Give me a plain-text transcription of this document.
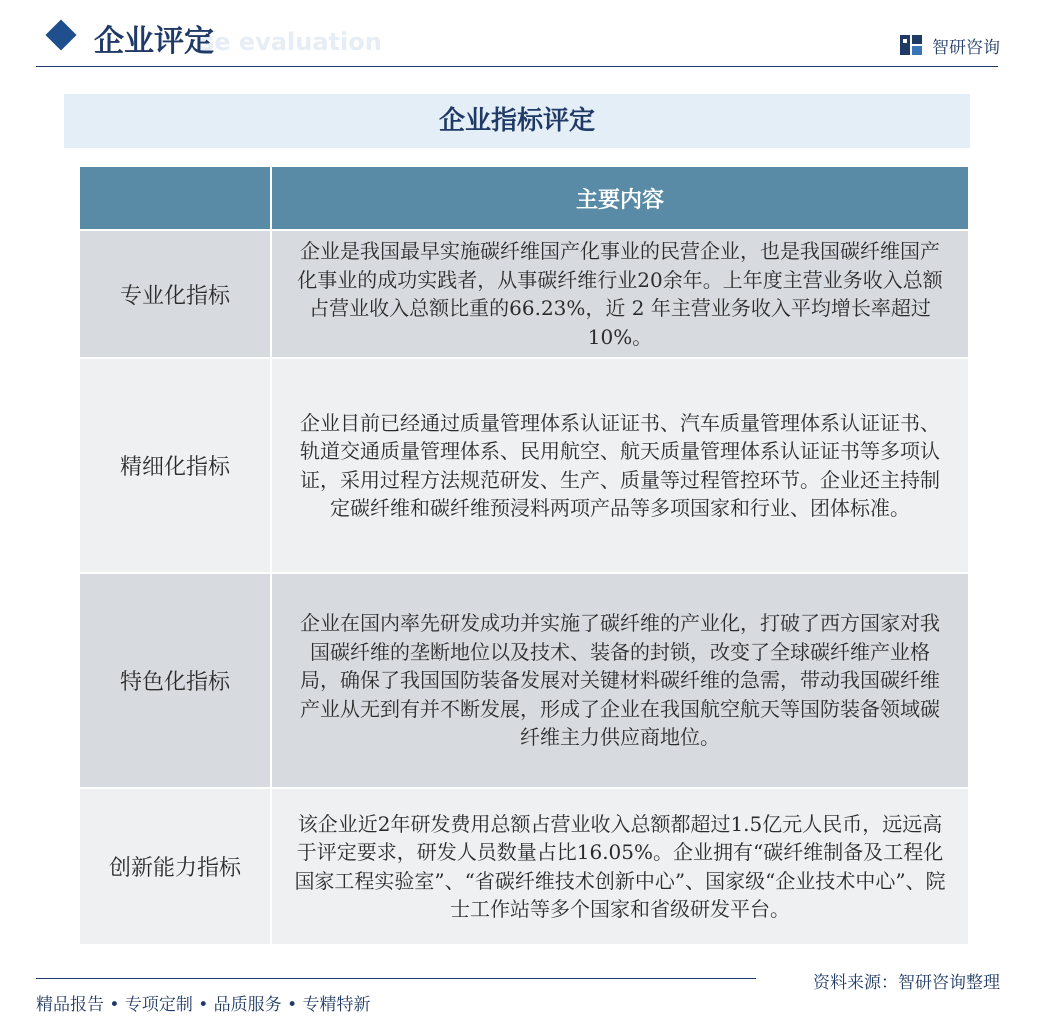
se evaluation
企业评定	智研咨询
企业指标评定
	主要内容
专业化指标	企业是我国最早实施碳纤维国产化事业的民营企业，也是我国碳纤维国产化事业的成功实践者，从事碳纤维行业20余年。上年度主营业务收入总额占营业收入总额比重的66.23%，近 2 年主营业务收入平均增长率超过10%。
精细化指标	企业目前已经通过质量管理体系认证证书、汽车质量管理体系认证证书、轨道交通质量管理体系、民用航空、航天质量管理体系认证证书等多项认证，采用过程方法规范研发、生产、质量等过程管控环节。企业还主持制定碳纤维和碳纤维预浸料两项产品等多项国家和行业、团体标准。
特色化指标	企业在国内率先研发成功并实施了碳纤维的产业化，打破了西方国家对我国碳纤维的垄断地位以及技术、装备的封锁，改变了全球碳纤维产业格局，确保了我国国防装备发展对关键材料碳纤维的急需，带动我国碳纤维产业从无到有并不断发展，形成了企业在我国航空航天等国防装备领域碳纤维主力供应商地位。
创新能力指标	该企业近2年研发费用总额占营业收入总额都超过1.5亿元人民币，远远高于评定要求，研发人员数量占比16.05%。企业拥有“碳纤维制备及工程化国家工程实验室”、“省碳纤维技术创新中心”、国家级“企业技术中心”、院士工作站等多个国家和省级研发平台。
资料来源：智研咨询整理
精品报告 • 专项定制 • 品质服务 • 专精特新
